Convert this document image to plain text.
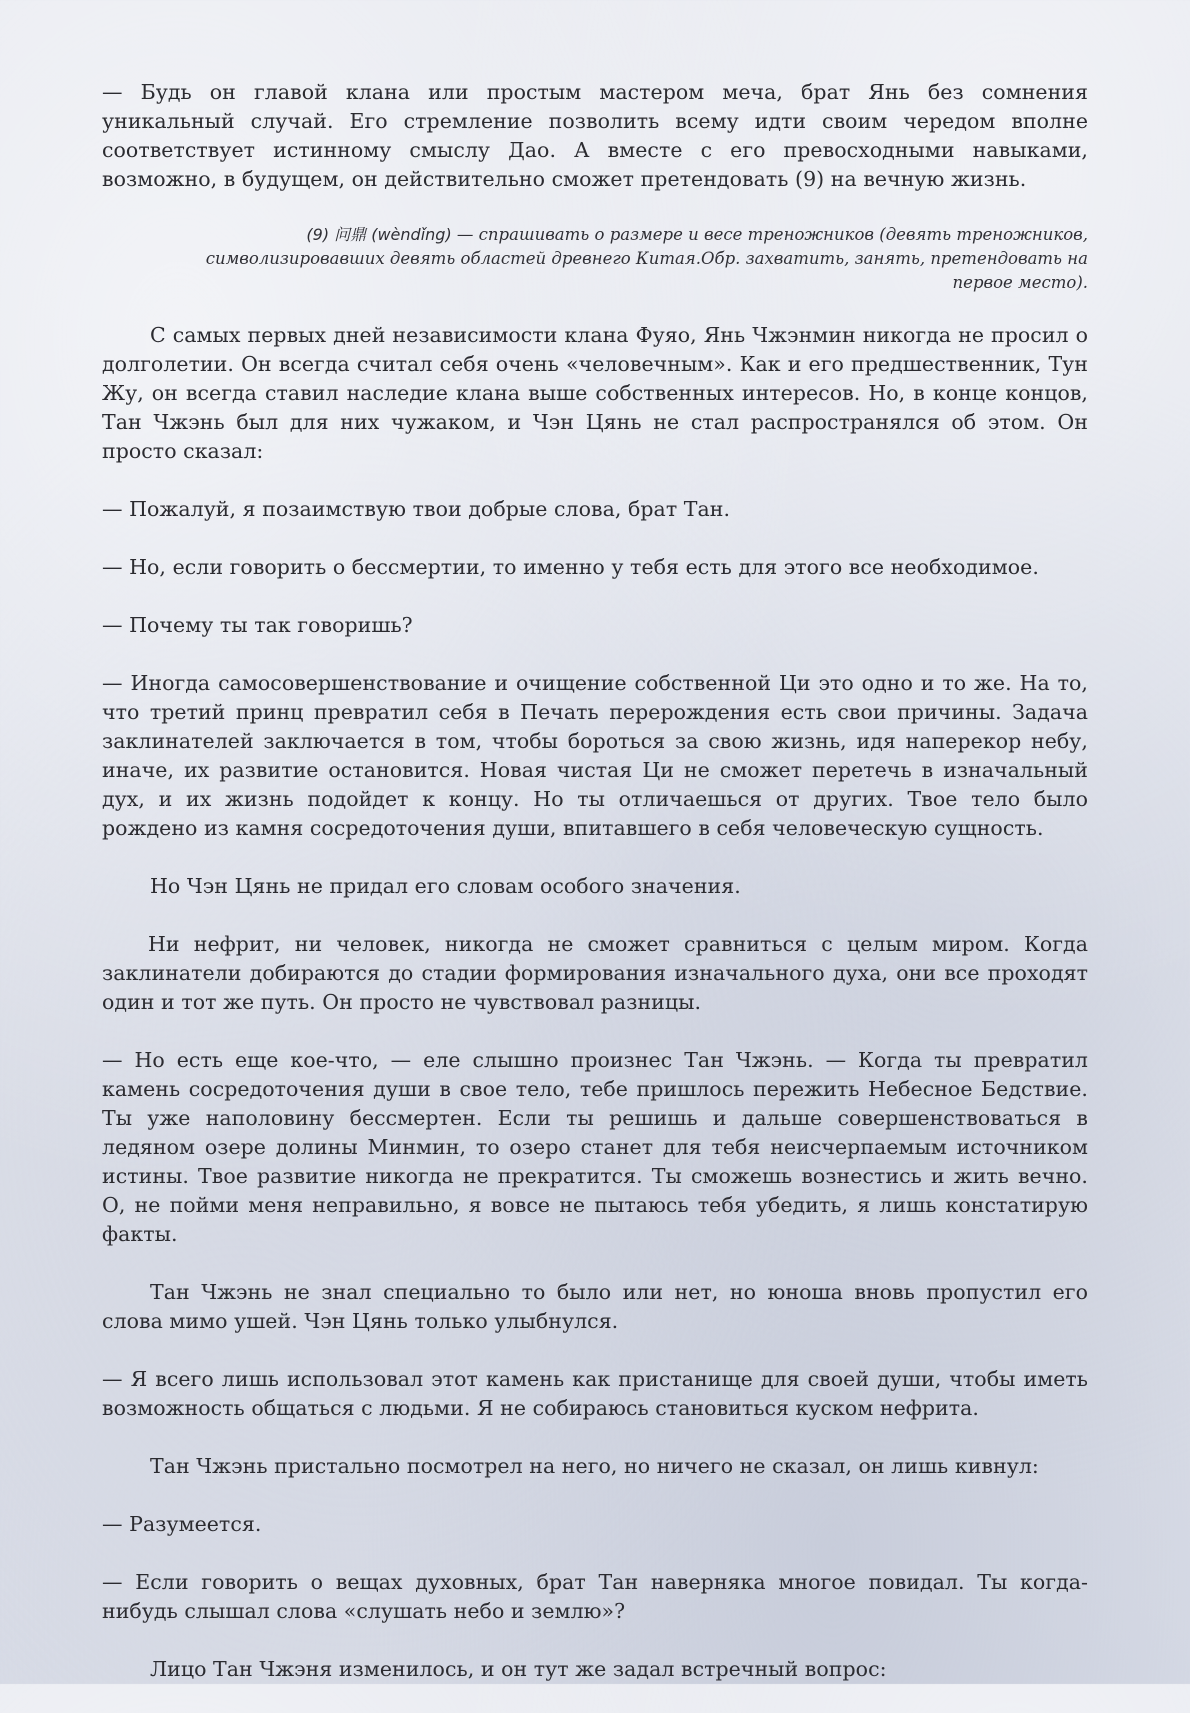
— Будь он главой клана или простым мастером меча, брат Янь без сомнения уникальный случай. Его стремление позволить всему идти своим чередом вполне соответствует истинному смыслу Дао. А вместе с его превосходными навыками, возможно, в будущем, он действительно сможет претендовать (9) на вечную жизнь.

(9) 问鼎 (wèndǐng) — спрашивать о размере и весе треножников (девять треножников, символизировавших девять областей древнего Китая.Обр. захватить, занять, претендовать на первое место).

С самых первых дней независимости клана Фуяо, Янь Чжэнмин никогда не просил о долголетии. Он всегда считал себя очень «человечным». Как и его предшественник, Тун Жу, он всегда ставил наследие клана выше собственных интересов. Но, в конце концов, Тан Чжэнь был для них чужаком, и Чэн Цянь не стал распространялся об этом. Он просто сказал:

— Пожалуй, я позаимствую твои добрые слова, брат Тан.

— Но, если говорить о бессмертии, то именно у тебя есть для этого все необходимое.

— Почему ты так говоришь?

— Иногда самосовершенствование и очищение собственной Ци это одно и то же. На то, что третий принц превратил себя в Печать перерождения есть свои причины. Задача заклинателей заключается в том, чтобы бороться за свою жизнь, идя наперекор небу, иначе, их развитие остановится. Новая чистая Ци не сможет перетечь в изначальный дух, и их жизнь подойдет к концу. Но ты отличаешься от других. Твое тело было рождено из камня сосредоточения души, впитавшего в себя человеческую сущность.

Но Чэн Цянь не придал его словам особого значения.

Ни нефрит, ни человек, никогда не сможет сравниться с целым миром. Когда заклинатели добираются до стадии формирования изначального духа, они все проходят один и тот же путь. Он просто не чувствовал разницы.

— Но есть еще кое-что, — еле слышно произнес Тан Чжэнь. — Когда ты превратил камень сосредоточения души в свое тело, тебе пришлось пережить Небесное Бедствие. Ты уже наполовину бессмертен. Если ты решишь и дальше совершенствоваться в ледяном озере долины Минмин, то озеро станет для тебя неисчерпаемым источником истины. Твое развитие никогда не прекратится. Ты сможешь вознестись и жить вечно. О, не пойми меня неправильно, я вовсе не пытаюсь тебя убедить, я лишь констатирую факты.

Тан Чжэнь не знал специально то было или нет, но юноша вновь пропустил его слова мимо ушей. Чэн Цянь только улыбнулся.

— Я всего лишь использовал этот камень как пристанище для своей души, чтобы иметь возможность общаться с людьми. Я не собираюсь становиться куском нефрита.

Тан Чжэнь пристально посмотрел на него, но ничего не сказал, он лишь кивнул:

— Разумеется.

— Если говорить о вещах духовных, брат Тан наверняка многое повидал. Ты когда-нибудь слышал слова «слушать небо и землю»?

Лицо Тан Чжэня изменилось, и он тут же задал встречный вопрос:
